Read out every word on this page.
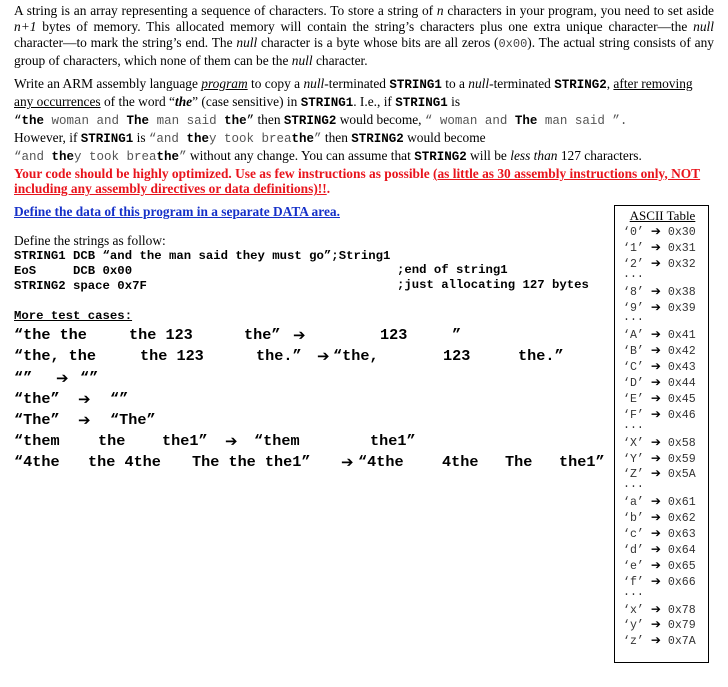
A string is an array representing a sequence of characters. To store a string of n characters in your program, you need to set aside n+1 bytes of memory. This allocated memory will contain the string’s characters plus one extra unique character—the null character—to mark the string’s end. The null character is a byte whose bits are all zeros (0x00). The actual string consists of any group of characters, which none of them can be the null character.
Write an ARM assembly language program to copy a null-terminated STRING1 to a null-terminated STRING2, after removing any occurrences of the word “the” (case sensitive) in STRING1. I.e., if STRING1 is
“the woman and The man said the” then STRING2 would become, “ woman and The man said ”.
However, if STRING1 is “and they took breathe” then STRING2 would become
“and they took breathe” without any change. You can assume that STRING2 will be less than 127 characters.
Your code should be highly optimized. Use as few instructions as possible (as little as 30 assembly instructions only, NOT including any assembly directives or data definitions)!!.
Define the data of this program in a separate DATA area.
Define the strings as follow:
STRING1 DCB “and the man said they must go”;String1
EoS     DCB 0x00	;end of string1
STRING2 space 0x7F	;just allocating 127 bytes
More test cases:
“the the	the 123	the” ➔	123	”
“the, the	the 123	the.” ➔ “the,	123	the.”
“” ➔ “”
“the” ➔ “”
“The” ➔ “The”
“them	the the1” ➔ “them	the1”
“4the the 4the The the the1” ➔ “4the	4the The the1”
ASCII Table
‘0’ ➔ 0x30
‘1’ ➔ 0x31
‘2’ ➔ 0x32
...
‘8’ ➔ 0x38
‘9’ ➔ 0x39
...
‘A’ ➔ 0x41
‘B’ ➔ 0x42
‘C’ ➔ 0x43
‘D’ ➔ 0x44
‘E’ ➔ 0x45
‘F’ ➔ 0x46
...
‘X’ ➔ 0x58
‘Y’ ➔ 0x59
‘Z’ ➔ 0x5A
...
‘a’ ➔ 0x61
‘b’ ➔ 0x62
‘c’ ➔ 0x63
‘d’ ➔ 0x64
‘e’ ➔ 0x65
‘f’ ➔ 0x66
...
‘x’ ➔ 0x78
‘y’ ➔ 0x79
‘z’ ➔ 0x7A
